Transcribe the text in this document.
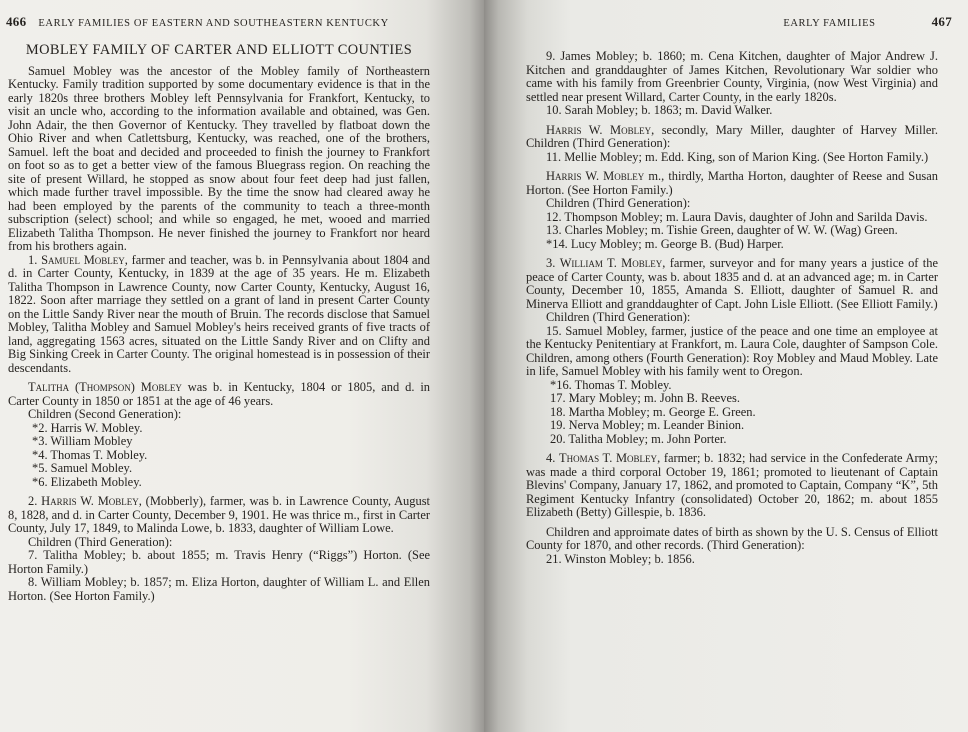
466 EARLY FAMILIES OF EASTERN AND SOUTHEASTERN KENTUCKY
MOBLEY FAMILY OF CARTER AND ELLIOTT COUNTIES

Samuel Mobley was the ancestor of the Mobley family of Northeastern Kentucky. Family tradition supported by some documentary evidence is that in the early 1820s three brothers Mobley left Pennsylvania for Frankfort, Kentucky, to visit an uncle who, according to the information available and obtained, was Gen. John Adair, the then Governor of Kentucky. They travelled by flatboat down the Ohio River and when Catlettsburg, Kentucky, was reached, one of the brothers, Samuel. left the boat and decided and proceeded to finish the journey to Frankfort on foot so as to get a better view of the famous Bluegrass region. On reaching the site of present Willard, he stopped as snow about four feet deep had just fallen, which made further travel impossible. By the time the snow had cleared away he had been employed by the parents of the community to teach a three-month subscription (select) school; and while so engaged, he met, wooed and married Elizabeth Talitha Thompson. He never finished the journey to Frankfort nor heard from his brothers again.

1. Samuel Mobley, farmer and teacher, was b. in Pennsylvania about 1804 and d. in Carter County, Kentucky, in 1839 at the age of 35 years. He m. Elizabeth Talitha Thompson in Lawrence County, now Carter County, Kentucky, August 16, 1822. Soon after marriage they settled on a grant of land in present Carter County on the Little Sandy River near the mouth of Bruin. The records disclose that Samuel Mobley, Talitha Mobley and Samuel Mobley's heirs received grants of five tracts of land, aggregating 1563 acres, situated on the Little Sandy River and on Clifty and Big Sinking Creek in Carter County. The original homestead is in possession of their descendants.

Talitha (Thompson) Mobley was b. in Kentucky, 1804 or 1805, and d. in Carter County in 1850 or 1851 at the age of 46 years.

Children (Second Generation):

*2. Harris W. Mobley.

*3. William Mobley

*4. Thomas T. Mobley.

*5. Samuel Mobley.

*6. Elizabeth Mobley.

2. Harris W. Mobley, (Mobberly), farmer, was b. in Lawrence County, August 8, 1828, and d. in Carter County, December 9, 1901. He was thrice m., first in Carter County, July 17, 1849, to Malinda Lowe, b. 1833, daughter of William Lowe.

Children (Third Generation):

7. Talitha Mobley; b. about 1855; m. Travis Henry (“Riggs”) Horton. (See Horton Family.)

8. William Mobley; b. 1857; m. Eliza Horton, daughter of William L. and Ellen Horton. (See Horton Family.)

EARLY FAMILIES	467

9. James Mobley; b. 1860; m. Cena Kitchen, daughter of Major Andrew J. Kitchen and granddaughter of James Kitchen, Revolutionary War soldier who came with his family from Greenbrier County, Virginia, (now West Virginia) and settled near present Willard, Carter County, in the early 1820s.

10. Sarah Mobley; b. 1863; m. David Walker.

Harris W. Mobley, secondly, Mary Miller, daughter of Harvey Miller. Children (Third Generation):

11. Mellie Mobley; m. Edd. King, son of Marion King. (See Horton Family.)

Harris W. Mobley m., thirdly, Martha Horton, daughter of Reese and Susan Horton. (See Horton Family.)

Children (Third Generation):

12. Thompson Mobley; m. Laura Davis, daughter of John and Sarilda Davis.

13. Charles Mobley; m. Tishie Green, daughter of W. W. (Wag) Green.

*14. Lucy Mobley; m. George B. (Bud) Harper.

3. William T. Mobley, farmer, surveyor and for many years a justice of the peace of Carter County, was b. about 1835 and d. at an advanced age; m. in Carter County, December 10, 1855, Amanda S. Elliott, daughter of Samuel R. and Minerva Elliott and granddaughter of Capt. John Lisle Elliott. (See Elliott Family.)

Children (Third Generation):

15. Samuel Mobley, farmer, justice of the peace and one time an employee at the Kentucky Penitentiary at Frankfort, m. Laura Cole, daughter of Sampson Cole. Children, among others (Fourth Generation): Roy Mobley and Maud Mobley. Late in life, Samuel Mobley with his family went to Oregon.

*16. Thomas T. Mobley.

17. Mary Mobley; m. John B. Reeves.

18. Martha Mobley; m. George E. Green.

19. Nerva Mobley; m. Leander Binion.

20. Talitha Mobley; m. John Porter.

4. Thomas T. Mobley, farmer; b. 1832; had service in the Confederate Army; was made a third corporal October 19, 1861; promoted to lieutenant of Captain Blevins' Company, January 17, 1862, and promoted to Captain, Company “K”, 5th Regiment Kentucky Infantry (consolidated) October 20, 1862; m. about 1855 Elizabeth (Betty) Gillespie, b. 1836.

Children and approimate dates of birth as shown by the U. S. Census of Elliott County for 1870, and other records. (Third Generation):

21. Winston Mobley; b. 1856.
